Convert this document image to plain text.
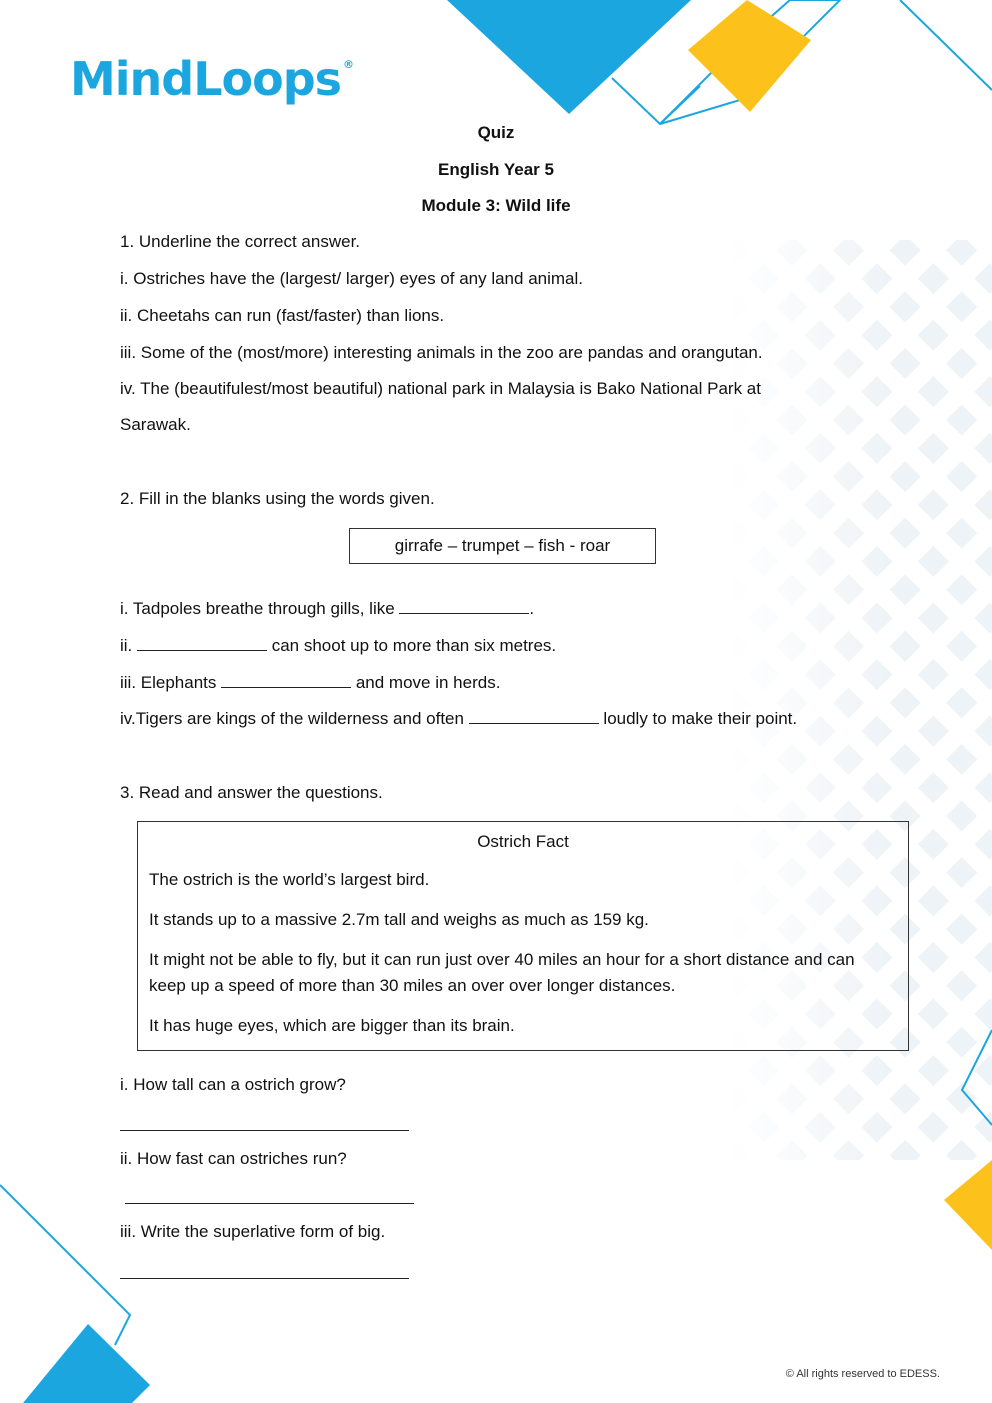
MindLoops ®
Quiz
English Year 5
Module 3: Wild life
1. Underline the correct answer.
i. Ostriches have the (largest/ larger) eyes of any land animal.
ii. Cheetahs can run (fast/faster) than lions.
iii. Some of the (most/more) interesting animals in the zoo are pandas and orangutan.
iv. The (beautifulest/most beautiful) national park in Malaysia is Bako National Park at
Sarawak.
2. Fill in the blanks using the words given.
girrafe – trumpet – fish - roar
i. Tadpoles breathe through gills, like	.
ii.	can shoot up to more than six metres.
iii. Elephants	and move in herds.
iv.Tigers are kings of the wilderness and often	loudly to make their point.
3. Read and answer the questions.
Ostrich Fact
The ostrich is the world’s largest bird.
It stands up to a massive 2.7m tall and weighs as much as 159 kg.
It might not be able to fly, but it can run just over 40 miles an hour for a short distance and can keep up a speed of more than 30 miles an over over longer distances.
It has huge eyes, which are bigger than its brain.
i. How tall can a ostrich grow?
ii. How fast can ostriches run?
iii. Write the superlative form of big.
© All rights reserved to EDESS.
